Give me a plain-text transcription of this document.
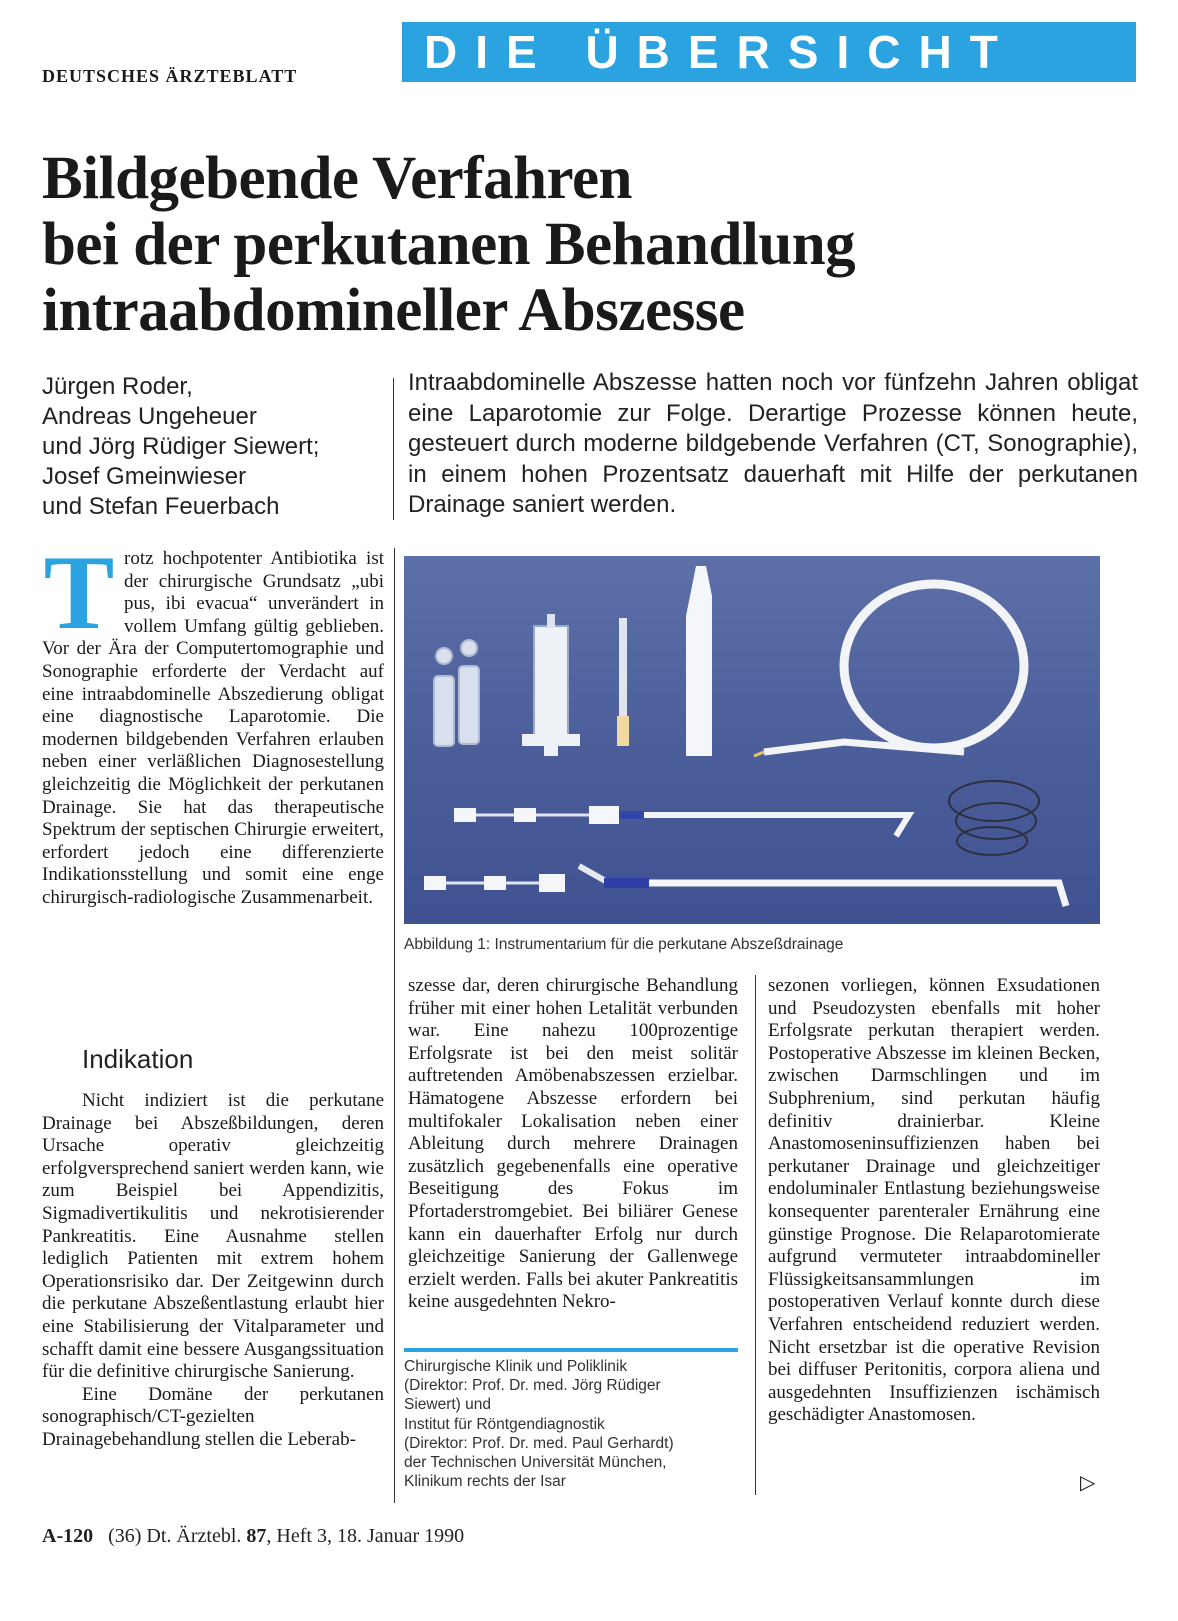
DEUTSCHES ÄRZTEBLATT	DIE ÜBERSICHT
Bildgebende Verfahren
bei der perkutanen Behandlung
intraabdomineller Abszesse
Jürgen Roder,
Andreas Ungeheuer
und Jörg Rüdiger Siewert;
Josef Gmeinwieser
und Stefan Feuerbach
Intraabdominelle Abszesse hatten noch vor fünfzehn Jahren obligat eine Laparotomie zur Folge. Derartige Prozesse können heute, gesteuert durch moderne bildgebende Verfahren (CT, Sonographie), in einem hohen Prozentsatz dauerhaft mit Hilfe der perkutanen Drainage saniert werden.
T rotz hochpotenter Antibiotika ist der chirurgische Grundsatz „ubi pus, ibi evacua“ unverändert in vollem Umfang gültig geblieben. Vor der Ära der Computertomographie und Sonographie erforderte der Verdacht auf eine intraabdominelle Abszedierung obligat eine diagnostische Laparotomie. Die modernen bildgebenden Verfahren erlauben neben einer verläßlichen Diagnosestellung gleichzeitig die Möglichkeit der perkutanen Drainage. Sie hat das therapeutische Spektrum der septischen Chirurgie erweitert, erfordert jedoch eine differenzierte Indikationsstellung und somit eine enge chirurgisch-radiologische Zusammenarbeit.
Indikation

Nicht indiziert ist die perkutane Drainage bei Abszeßbildungen, deren Ursache operativ gleichzeitig erfolgversprechend saniert werden kann, wie zum Beispiel bei Appendizitis, Sigmadivertikulitis und nekrotisierender Pankreatitis. Eine Ausnahme stellen lediglich Patienten mit extrem hohem Operationsrisiko dar. Der Zeitgewinn durch die perkutane Abszeßentlastung erlaubt hier eine Stabilisierung der Vitalparameter und schafft damit eine bessere Ausgangssituation für die definitive chirurgische Sanierung.

Eine Domäne der perkutanen sonographisch/CT-gezielten Drainagebehandlung stellen die Leberab-

Abbildung 1: Instrumentarium für die perkutane Abszeßdrainage

szesse dar, deren chirurgische Behandlung früher mit einer hohen Letalität verbunden war. Eine nahezu 100prozentige Erfolgsrate ist bei den meist solitär auftretenden Amöbenabszessen erzielbar. Hämatogene Abszesse erfordern bei multifokaler Lokalisation neben einer Ableitung durch mehrere Drainagen zusätzlich gegebenenfalls eine operative Beseitigung des Fokus im Pfortaderstromgebiet. Bei biliärer Genese kann ein dauerhafter Erfolg nur durch gleichzeitige Sanierung der Gallenwege erzielt werden. Falls bei akuter Pankreatitis keine ausgedehnten Nekro-

sezonen vorliegen, können Exsudationen und Pseudozysten ebenfalls mit hoher Erfolgsrate perkutan therapiert werden. Postoperative Abszesse im kleinen Becken, zwischen Darmschlingen und im Subphrenium, sind perkutan häufig definitiv drainierbar. Kleine Anastomoseninsuffizienzen haben bei perkutaner Drainage und gleichzeitiger endoluminaler Entlastung beziehungsweise konsequenter parenteraler Ernährung eine günstige Prognose. Die Relaparotomierate aufgrund vermuteter intraabdomineller Flüssigkeitsansammlungen im postoperativen Verlauf konnte durch diese Verfahren entscheidend reduziert werden. Nicht ersetzbar ist die operative Revision bei diffuser Peritonitis, corpora aliena und ausgedehnten Insuffizienzen ischämisch geschädigter Anastomosen.

Chirurgische Klinik und Poliklinik
(Direktor: Prof. Dr. med. Jörg Rüdiger
Siewert) und
Institut für Röntgendiagnostik
(Direktor: Prof. Dr. med. Paul Gerhardt)
der Technischen Universität München,
Klinikum rechts der Isar	▷
A-120 (36) Dt. Ärztebl. 87, Heft 3, 18. Januar 1990
